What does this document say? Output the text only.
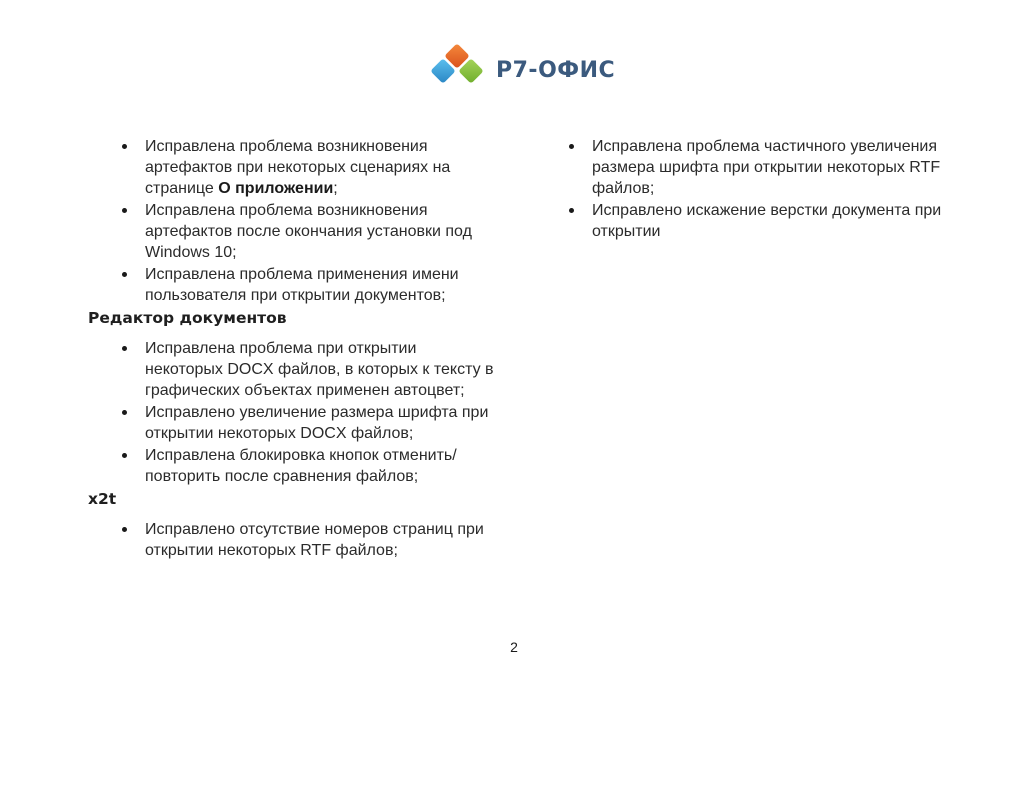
Р7-ОФИС
Исправлена проблема возникновения артефактов при некоторых сценариях на странице О приложении;
Исправлена проблема возникновения артефактов после окончания установки под Windows 10;
Исправлена проблема применения имени пользователя при открытии документов;
Редактор документов
Исправлена проблема при открытии некоторых DOCX файлов, в которых к тексту в графических объектах применен автоцвет;
Исправлено увеличение размера шрифта при открытии некоторых DOCX файлов;
Исправлена блокировка кнопок отменить/повторить после сравнения файлов;
x2t
Исправлено отсутствие номеров страниц при открытии некоторых RTF файлов;
Исправлена проблема частичного увеличения размера шрифта при открытии некоторых RTF файлов;
Исправлено искажение верстки документа при открытии
2
